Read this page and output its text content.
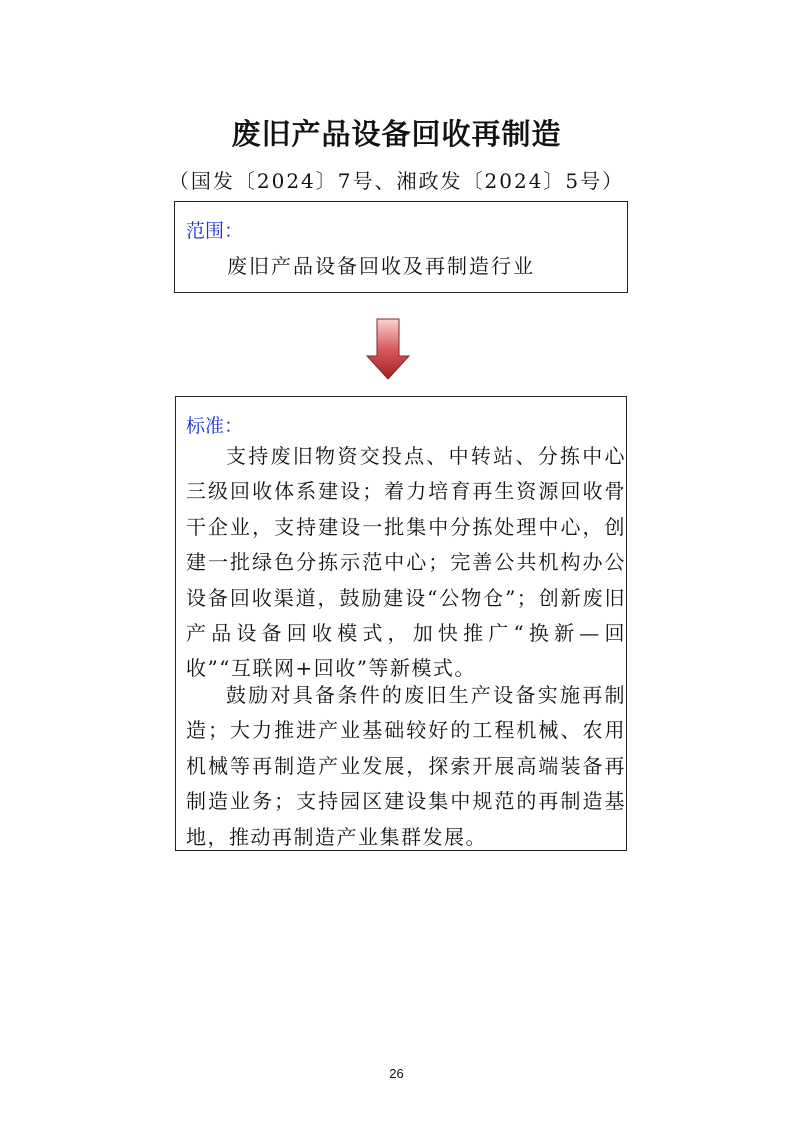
废旧产品设备回收再制造
（国发〔2024〕7号、湘政发〔2024〕5号）
范围：
废旧产品设备回收及再制造行业
标准：

支持废旧物资交投点、中转站、分拣中心三级回收体系建设；着力培育再生资源回收骨干企业，支持建设一批集中分拣处理中心，创建一批绿色分拣示范中心；完善公共机构办公设备回收渠道，鼓励建设“公物仓”；创新废旧产品设备回收模式，加快推广“换新—回收”“互联网+回收”等新模式。

鼓励对具备条件的废旧生产设备实施再制造；大力推进产业基础较好的工程机械、农用机械等再制造产业发展，探索开展高端装备再制造业务；支持园区建设集中规范的再制造基地，推动再制造产业集群发展。

26
